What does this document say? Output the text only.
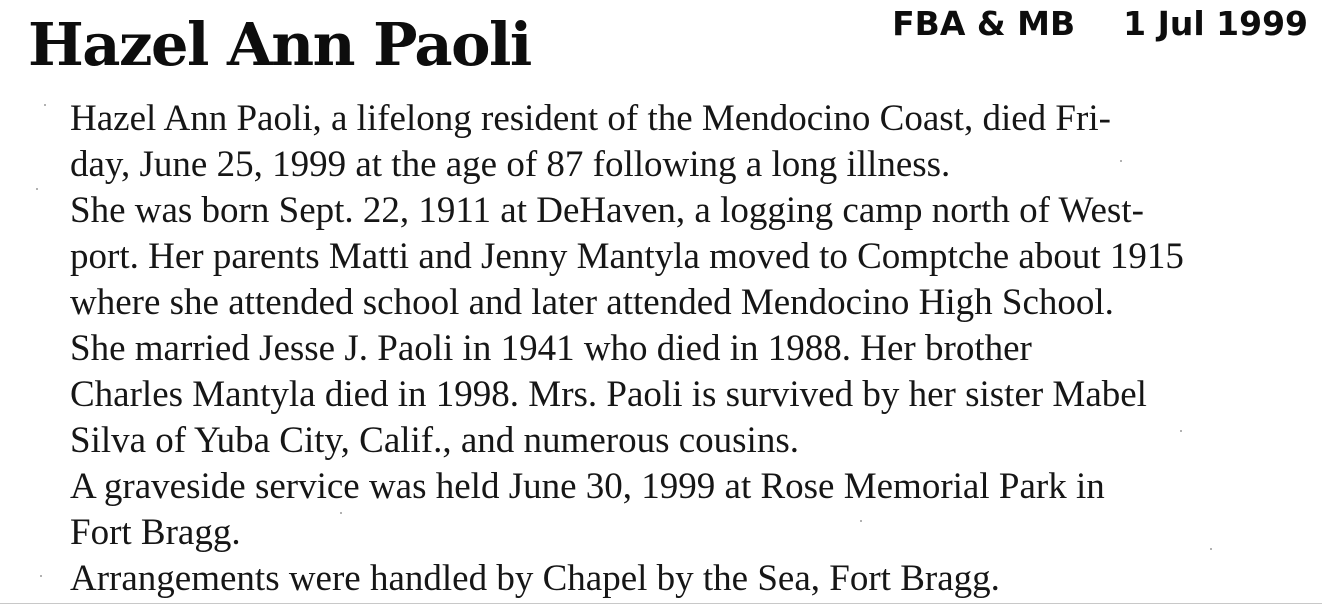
Hazel Ann Paoli	FBA & MB 1 Jul 1999

Hazel Ann Paoli, a lifelong resident of the Mendocino Coast, died Fri-
day, June 25, 1999 at the age of 87 following a long illness.

She was born Sept. 22, 1911 at DeHaven, a logging camp north of West-
port. Her parents Matti and Jenny Mantyla moved to Comptche about 1915
where she attended school and later attended Mendocino High School.

She married Jesse J. Paoli in 1941 who died in 1988. Her brother
Charles Mantyla died in 1998. Mrs. Paoli is survived by her sister Mabel
Silva of Yuba City, Calif., and numerous cousins.

A graveside service was held June 30, 1999 at Rose Memorial Park in
Fort Bragg.

Arrangements were handled by Chapel by the Sea, Fort Bragg.
